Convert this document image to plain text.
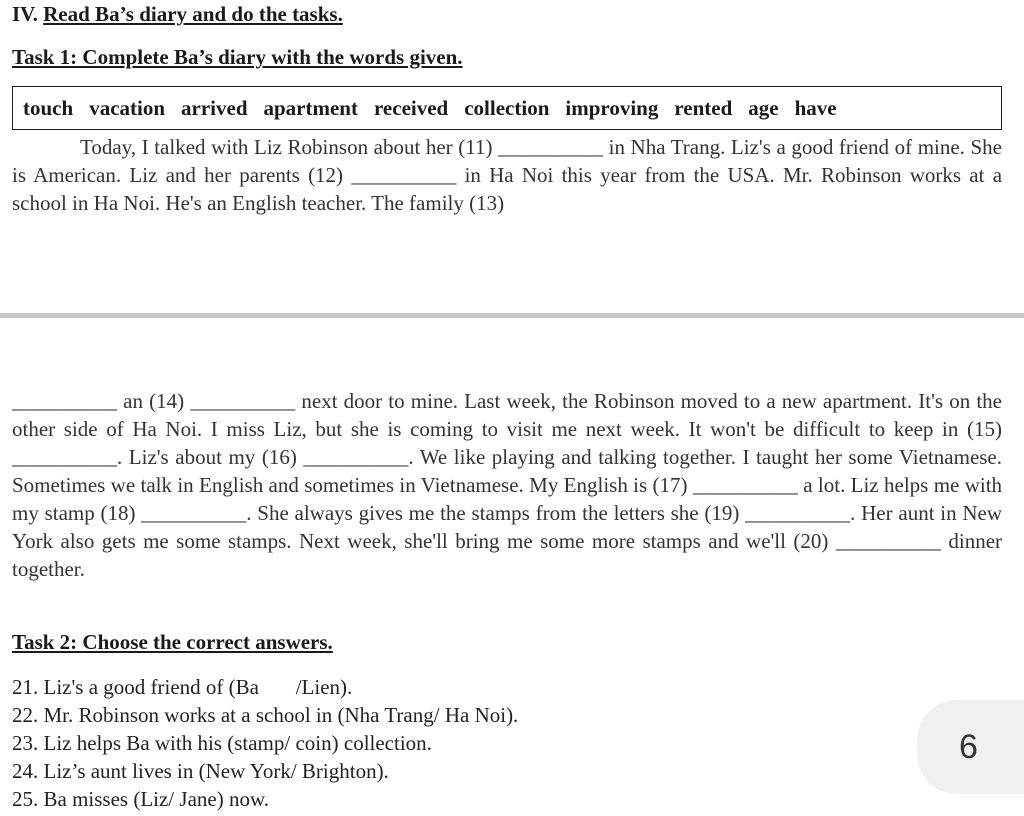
IV. Read Ba’s diary and do the tasks.
Task 1: Complete Ba’s diary with the words given.
touch vacation arrived apartment received collection improving rented age have
Today, I talked with Liz Robinson about her (11) __________ in Nha Trang. Liz's a good friend of mine. She is American. Liz and her parents (12) __________ in Ha Noi this year from the USA. Mr. Robinson works at a school in Ha Noi. He's an English teacher. The family (13)
__________ an (14) __________ next door to mine. Last week, the Robinson moved to a new apartment. It's on the other side of Ha Noi. I miss Liz, but she is coming to visit me next week. It won't be difficult to keep in (15) __________. Liz's about my (16) __________. We like playing and talking together. I taught her some Vietnamese. Sometimes we talk in English and sometimes in Vietnamese. My English is (17) __________ a lot. Liz helps me with my stamp (18) __________. She always gives me the stamps from the letters she (19) __________. Her aunt in New York also gets me some stamps. Next week, she'll bring me some more stamps and we'll (20) __________ dinner together.
Task 2: Choose the correct answers.
21. Liz's a good friend of (Ba       /Lien).
22. Mr. Robinson works at a school in (Nha Trang/ Ha Noi).
23. Liz helps Ba with his (stamp/ coin) collection.
24. Liz’s aunt lives in (New York/ Brighton).
25. Ba misses (Liz/ Jane) now.
6
